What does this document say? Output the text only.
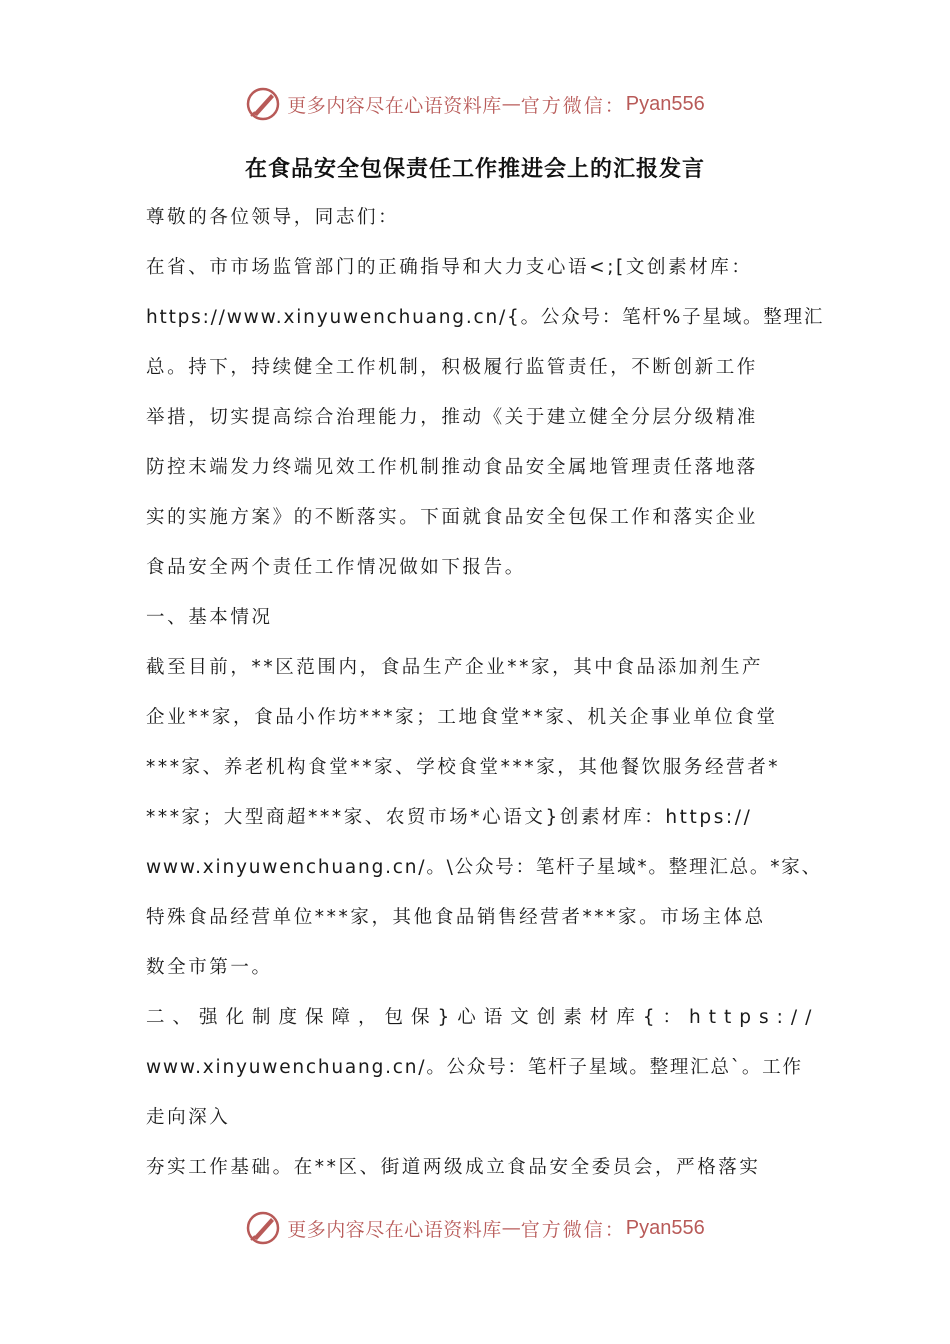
更多内容尽在心语资料库 — 官方微信： Pyan556
在食品安全包保责任工作推进会上的汇报发言
尊敬的各位领导，同志们：
在省、市市场监管部门的正确指导和大力支心语<;[文创素材库：
https://www.xinyuwenchuang.cn/{。公众号：笔杆%子星域。整理汇
总。持下，持续健全工作机制，积极履行监管责任，不断创新工作
举措，切实提高综合治理能力，推动《关于建立健全分层分级精准
防控末端发力终端见效工作机制推动食品安全属地管理责任落地落
实的实施方案》的不断落实。下面就食品安全包保工作和落实企业
食品安全两个责任工作情况做如下报告。
一、基本情况
截至目前，**区范围内，食品生产企业**家，其中食品添加剂生产
企业**家，食品小作坊***家；工地食堂**家、机关企事业单位食堂
***家、养老机构食堂**家、学校食堂***家，其他餐饮服务经营者*
***家；大型商超***家、农贸市场*心语文}创素材库：https://
www.xinyuwenchuang.cn/。\公众号：笔杆子星域*。整理汇总。*家、
特殊食品经营单位***家，其他食品销售经营者***家。市场主体总
数全市第一。
二、强化制度保障，包保}心语文创素材库{：https://
www.xinyuwenchuang.cn/。公众号：笔杆子星域。整理汇总`。工作
走向深入
夯实工作基础。在**区、街道两级成立食品安全委员会，严格落实
更多内容尽在心语资料库 — 官方微信： Pyan556
